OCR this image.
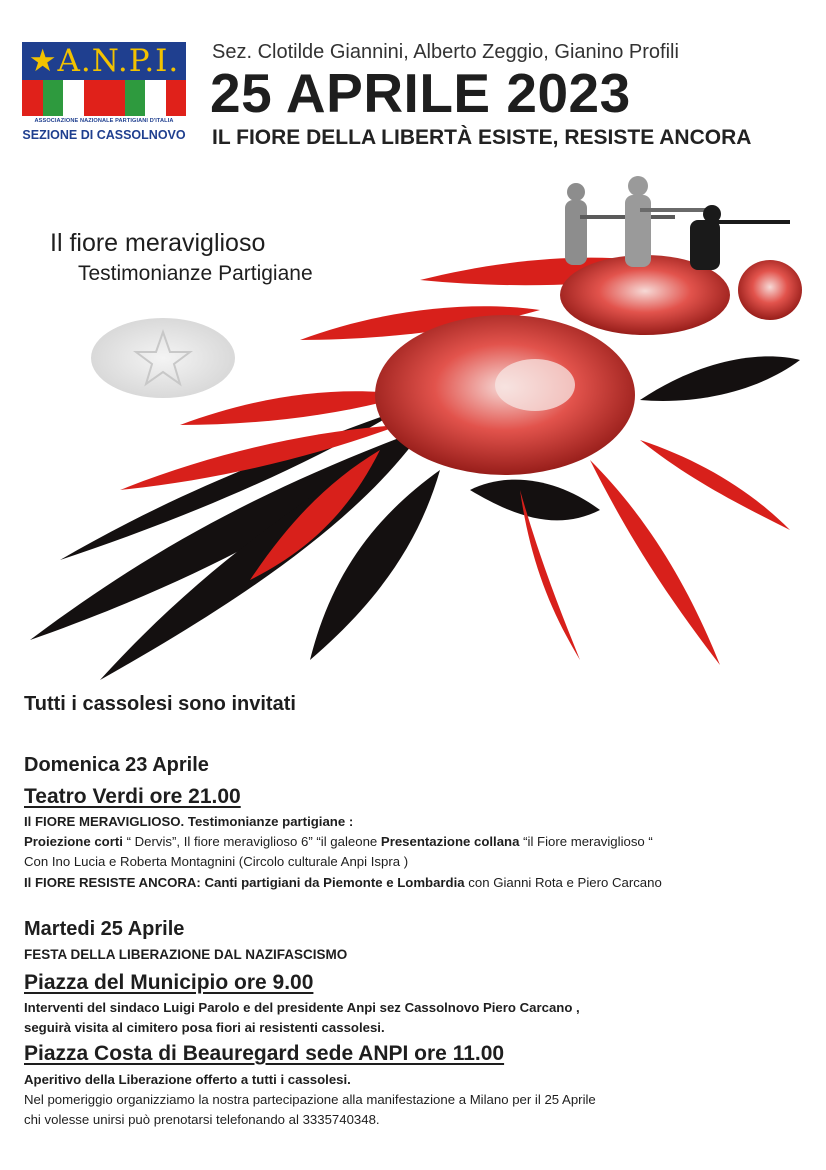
★A.N.P.I.
ASSOCIAZIONE NAZIONALE PARTIGIANI D'ITALIA
SEZIONE DI CASSOLNOVO
Sez. Clotilde Giannini, Alberto Zeggio, Gianino Profili
25 APRILE 2023
IL FIORE DELLA LIBERTÀ ESISTE, RESISTE ANCORA
Il fiore meraviglioso
Testimonianze Partigiane
Tutti i cassolesi sono invitati
Domenica 23 Aprile
Teatro Verdi ore 21.00
Il FIORE MERAVIGLIOSO. Testimonianze partigiane :
Proiezione corti “ Dervis”, Il fiore meraviglioso 6” “il galeone Presentazione collana “il Fiore meraviglioso “
Con Ino Lucia e Roberta Montagnini (Circolo culturale Anpi Ispra )
Il FIORE RESISTE ANCORA: Canti partigiani da Piemonte e Lombardia con Gianni Rota e Piero Carcano
Martedi 25 Aprile
FESTA DELLA LIBERAZIONE DAL NAZIFASCISMO
Piazza del Municipio ore 9.00
Interventi del sindaco Luigi Parolo e del presidente Anpi sez Cassolnovo Piero Carcano ,
seguirà visita al cimitero posa fiori ai resistenti cassolesi.
Piazza Costa di Beauregard sede ANPI ore 11.00
Aperitivo della Liberazione offerto a tutti i cassolesi.
Nel pomeriggio organizziamo la nostra partecipazione alla manifestazione a Milano per il 25 Aprile
chi volesse unirsi può prenotarsi telefonando al 3335740348.
